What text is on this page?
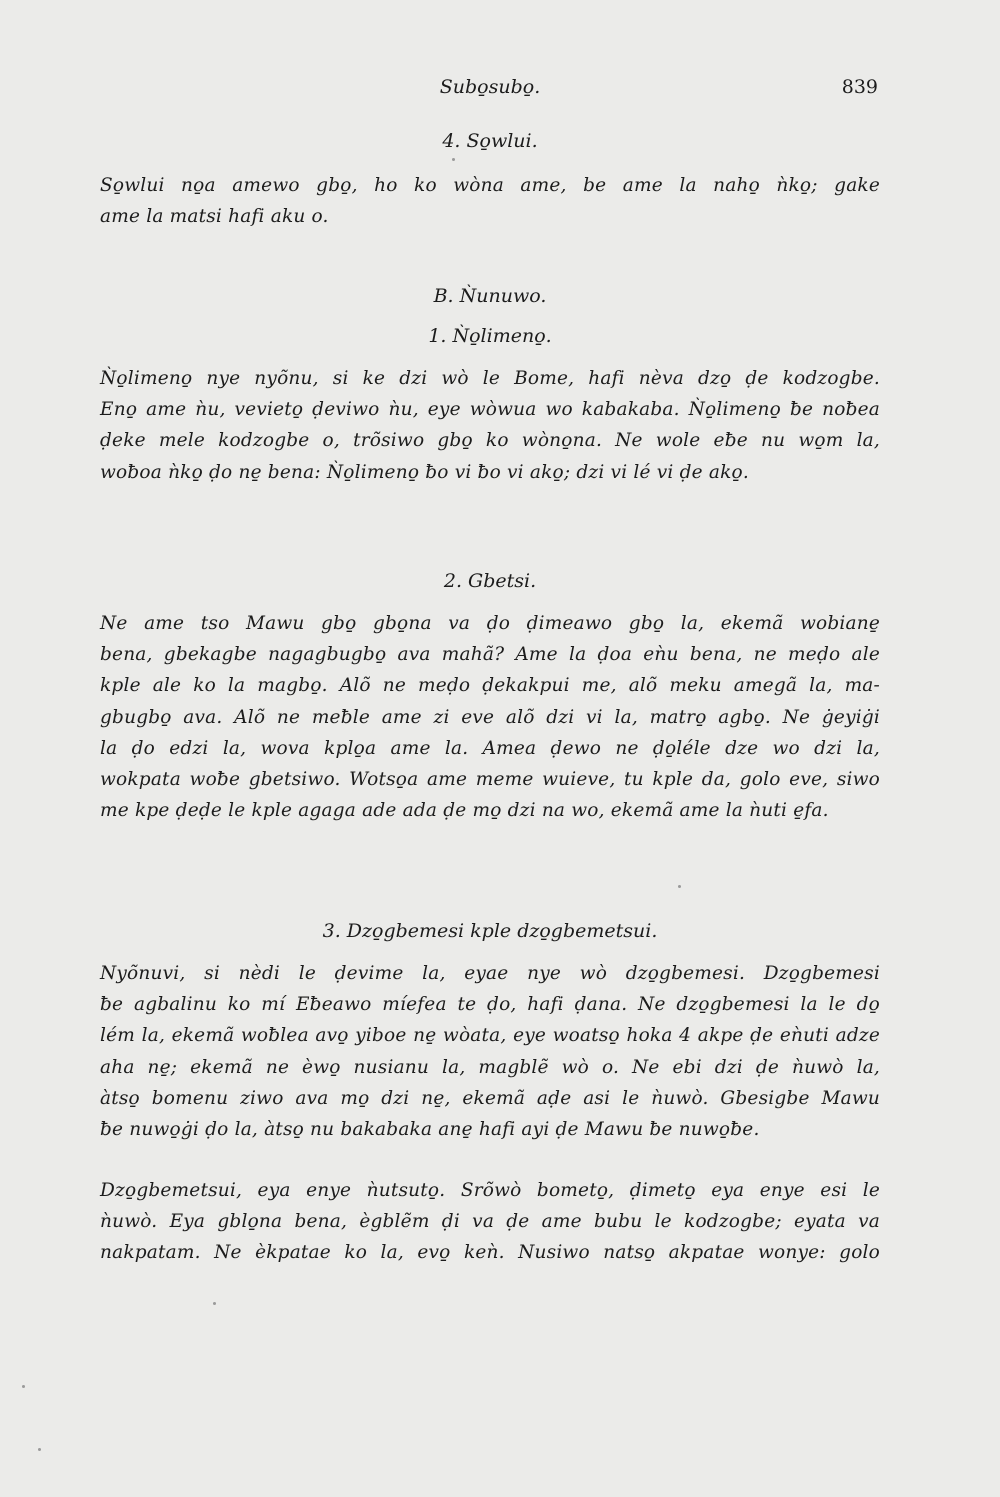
Subo̱subo̱.	839
4. So̱wlui.
So̱wlui no̱a amewo gbo̱, ho ko wòna ame, be ame la naho̱ ǹko̱; gake
ame la matsi hafi aku o.
B. Ǹunuwo.
1. Ǹo̱limeno̱.
Ǹo̱limeno̱ nye nyõnu, si ke dzi wò le Bome, hafi nèva dzo̱ ḍe kodzogbe.
Eno̱ ame ǹu, vevieto̱ ḍeviwo ǹu, eye wòwua wo kabakaba. Ǹo̱limeno̱ ƀe noƀea
ḍeke mele kodzogbe o, trõsiwo gbo̱ ko wòno̱na. Ne wole eƀe nu wo̱m la,
woƀoa ǹko̱ ḍo ne̱ bena: Ǹo̱limeno̱ ƀo vi ƀo vi ako̱; dzi vi lé vi ḍe ako̱.
2. Gbetsi.
Ne ame tso Mawu gbo̱ gbo̱na va ḍo ḍimeawo gbo̱ la, ekemã wobiane̱
bena, gbekagbe nagagbugbo̱ ava mahã? Ame la ḍoa eǹu bena, ne meḍo ale
kple ale ko la magbo̱. Alõ ne meḍo ḍekakpui me, alõ meku amegã la, ma-
gbugbo̱ ava. Alõ ne meƀle ame zi eve alõ dzi vi la, matro̱ agbo̱. Ne ġeyiġi
la ḍo edzi la, wova kplo̱a ame la. Amea ḍewo ne ḍo̱léle dze wo dzi la,
wokpata woƀe gbetsiwo. Wotso̱a ame meme wuieve, tu kple da, golo eve, siwo
me kpe ḍeḍe le kple agaga ade ada ḍe mo̱ dzi na wo, ekemã ame la ǹuti e̱fa.
3. Dzo̱gbemesi kple dzo̱gbemetsui.
Nyõnuvi, si nèdi le ḍevime la, eyae nye wò dzo̱gbemesi. Dzo̱gbemesi
ƀe agbalinu ko mí Eƀeawo míefea te ḍo, hafi ḍana. Ne dzo̱gbemesi la le do̱
lém la, ekemã woƀlea avo̱ yiboe ne̱ wòata, eye woatso̱ hoka 4 akpe ḍe eǹuti adze
aha ne̱; ekemã ne èwo̱ nusianu la, magblẽ wò o. Ne ebi dzi ḍe ǹuwò la,
àtso̱ bomenu ziwo ava mo̱ dzi ne̱, ekemã aḍe asi le ǹuwò. Gbesigbe Mawu
ƀe nuwo̱ġi ḍo la, àtso̱ nu bakabaka ane̱ hafi ayi ḍe Mawu ƀe nuwo̱ƀe.
Dzo̱gbemetsui, eya enye ǹutsuto̱. Srõwò bometo̱, ḍimeto̱ eya enye esi le
ǹuwò. Eya gblo̱na bena, ègblẽm ḍi va ḍe ame bubu le kodzogbe; eyata va
nakpatam. Ne èkpatae ko la, evo̱ keǹ. Nusiwo natso̱ akpatae wonye: golo
